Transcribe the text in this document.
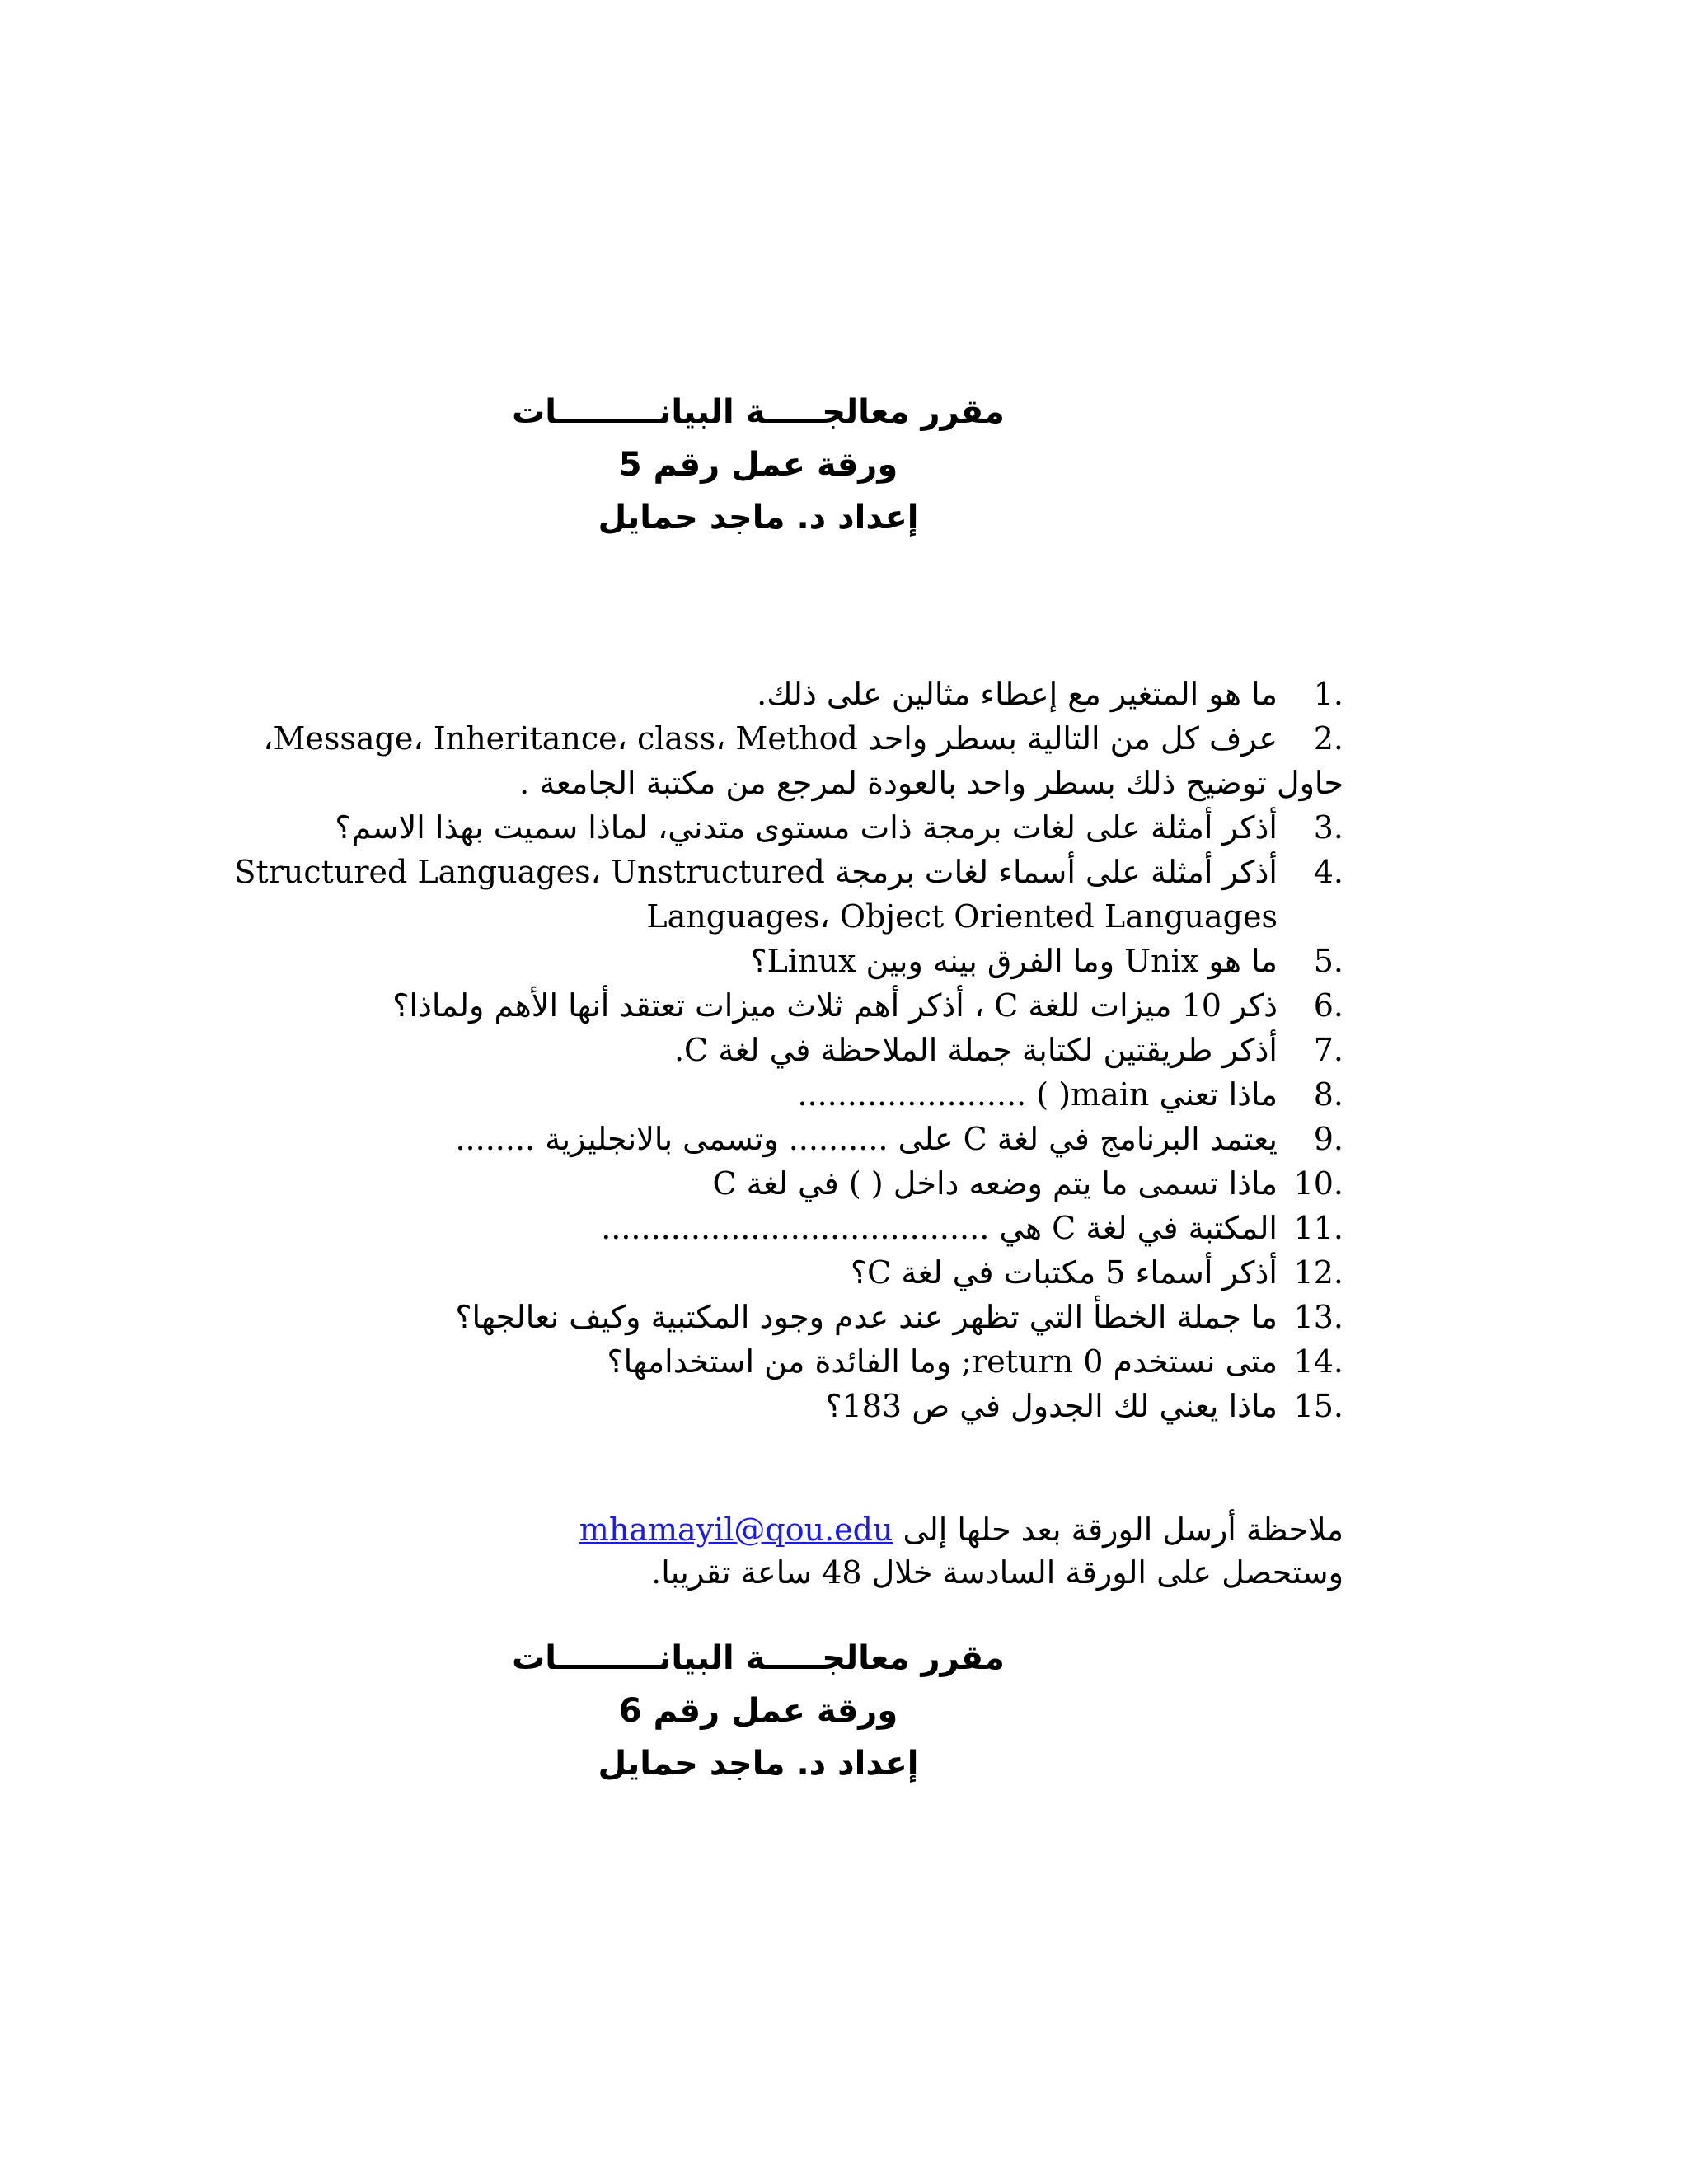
مقرر معالجـــــة البيانـــــــــات
ورقة عمل رقم 5
إعداد د. ماجد حمايل
1.
ما هو المتغير مع إعطاء مثالين على ذلك.
2.
عرف كل من التالية بسطر واحد Message، Inheritance، class، Method،
حاول توضيح ذلك بسطر واحد بالعودة لمرجع من مكتبة الجامعة .
3.
أذكر أمثلة على لغات برمجة ذات مستوى متدني، لماذا سميت بهذا الاسم؟
4.
أذكر أمثلة على أسماء لغات برمجة Structured Languages، Unstructured
Languages، Object Oriented Languages
5.
ما هو Unix وما الفرق بينه وبين Linux؟
6.
ذكر 10 ميزات للغة C ، أذكر أهم ثلاث ميزات تعتقد أنها الأهم ولماذا؟
7.
أذكر طريقتين لكتابة جملة الملاحظة في لغة C.
8.
ماذا تعني main( ) .......................
9.
يعتمد البرنامج في لغة C على .......... وتسمى بالانجليزية ........
10.
ماذا تسمى ما يتم وضعه داخل ( ) في لغة C
11.
المكتبة في لغة C هي .......................................
12.
أذكر أسماء 5 مكتبات في لغة C؟
13.
ما جملة الخطأ التي تظهر عند عدم وجود المكتبية وكيف نعالجها؟
14.
متى نستخدم return 0; وما الفائدة من استخدامها؟
15.
ماذا يعني لك الجدول في ص 183؟
ملاحظة أرسل الورقة بعد حلها إلى mhamayil@qou.edu
وستحصل على الورقة السادسة خلال 48 ساعة تقريبا.
مقرر معالجـــــة البيانـــــــــات
ورقة عمل رقم 6
إعداد د. ماجد حمايل
